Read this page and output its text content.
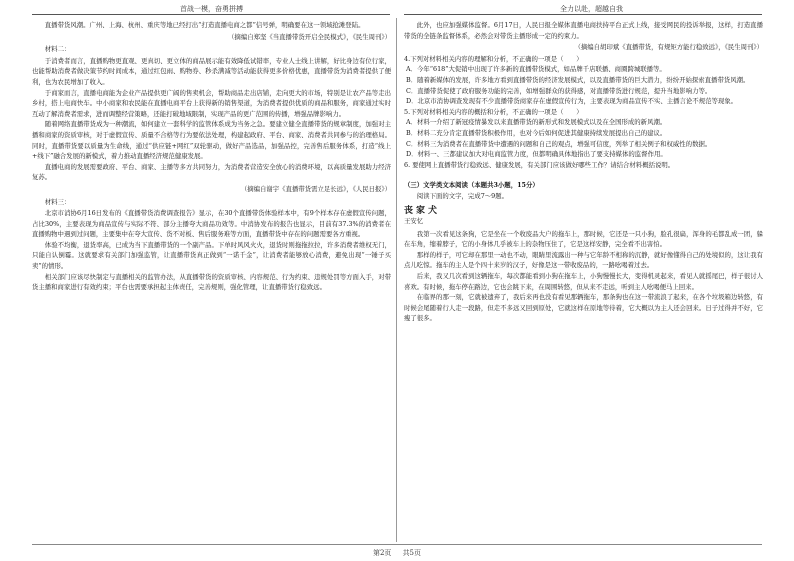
首战一模，奋勇拼搏	全力以赴，超越自我

直播带货风潮。广州、上海、杭州、重庆等地已经打出“打造直播电商之都”信号弹，明确要在这一领域抢滩登陆。

（摘编自郑坚《当直播带货开启全民模式》，《民生周刊》）

材料二：

于消费者而言，直播购物更直观、更真切、更立体的商品展示能有效降低试错率，专业人士线上讲解，好比身边有位行家，也能帮助消费者做决策节约时间成本，通过红包雨、购物券、秒杀满减等活动能获得更多价格优惠，直播带货为消费者提供了便利，也为农民增加了收入。

于商家而言，直播电商能为企业产品提供更广阔的售卖机会，帮助商品走出店铺，走向更大的市场，特别是让农产品等走出乡村，搭上电商快车。中小商家和农民能在直播电商平台上获得新的销售渠道，为消费者提供优质的商品和服务，商家通过实时互动了解消费者需求，进而调整经营策略，还能打破地域限制，实现产品的更广范围的传播，增强品牌影响力。

随着网络直播带货成为一种潮流，如何建立一套科学的监管体系成为当务之急。要建立健全直播带货的规章制度，加强对主播和商家的资质审核，对于虚假宣传、质量不合格等行为要依法处理，构建起政府、平台、商家、消费者共同参与的治理格局。同时，直播带货要以质量为生命线，通过“供应链+网红”双轮驱动，做好产品选品，加强品控，完善售后服务体系，打造“线上+线下”融合发展的新模式，着力推动直播经济规范健康发展。

直播电商的发展需要政府、平台、商家、主播等多方共同努力，为消费者营造安全放心的消费环境，以高质量发展助力经济复苏。

（摘编自谢宇《直播带货需立足长远》，《人民日报》）

材料三：

北京市消协6月16日发布的《直播带货消费调查报告》显示，在30个直播带货体验样本中，有9个样本存在虚假宣传问题，占比30%，主要表现为商品宣传与实际不符、部分主播夸大商品功效等。中消协发布的报告也显示，目前有37.3%的消费者在直播购物中遇到过问题，主要集中在夸大宣传、货不对板、售后服务难等方面，直播带货中存在的问题需要各方重视。

体验不均衡，退货率高，已成为当下直播带货的一个副产品。下单时风风火火，退货时则拖拖拉拉，许多消费者维权无门，只能自认倒霉。这就要求有关部门加强监管，让直播带货真正做到“一诺千金”，让消费者能够放心消费，避免出现“一锤子买卖”的情形。

相关部门应该尽快制定与直播相关的监管办法，从直播带货的资质审核、内容规范、行为约束、违规处罚等方面入手，对带货主播和商家进行有效约束；平台也需要承担起主体责任，完善规则，强化管理，让直播带货行稳致远。

此外，也应加强媒体监督。6月17日，人民日报全媒体直播电商扶持平台正式上线，接受网民的投诉举报，这样，打造直播带货的全链条监督体系，必然会对带货主播形成一定的约束力。

（摘编自胡印斌《直播带货，有规矩方能行稳致远》，《民生周刊》）

4.下列对材料相关内容的理解和分析，不正确的一项是（　　）

A．今年“618”大促销中出现了许多新的直播带货模式，如品牌千店联播、商圈跨城联播等。

B．随着新媒体的发展，许多地方看到直播带货的经济发展模式，以及直播带货的巨大潜力，纷纷开始探索直播带货风潮。

C．直播带货促使了政府服务功能的完善，如增强群众的获得感，对直播带货进行规范，提升当地影响力等。

D．北京市消协调查发现有不少直播带货商家存在虚假宣传行为，主要表现为商品宣传不实、主播言论不规范等现象。

5.下列对材料相关内容的概括和分析，不正确的一项是（　　）

A．材料一介绍了新冠疫情暴发以来直播带货的新形式和发展模式以及在全国形成的新风潮。

B．材料二充分肯定直播带货积极作用，也对今后如何促进其健康持续发展提出自己的建议。

C．材料三为消费者在直播带货中遭遇的问题和自己的观点，增强可信度，列举了相关例子和权威性的数据。

D．材料一、三都建议加大对电商监管力度，但都明确具体地指出了要支持媒体的监督作用。

6. 要使网上直播带货行稳致远、健康发展，有关部门应该做好哪些工作？请结合材料概括说明。

（三）文学类文本阅读（本题共3小题，15分）

阅读下面的文字，完成7～9题。

丧家犬

王安忆

我第一次看见这条狗，它是坐在一个收废品大户的拖车上，那时候，它还是一只小狗，脸孔很扁，浑身的毛都乱成一团，躲在车角，缩着脖子，它的小身体几乎被车上的杂物压住了，它是这样安静，完全看不出害怕。

那样的样子，可它却在那里一动也不动，眼睛里流露出一种与它年龄不相称的沉静，就好像懂得自己的处境似的，这让我有点儿吃惊。拖车的主人是个四十来岁的汉子，好像是这一带收废品的，一路吆喝着过去。

后来，我又几次看到这辆拖车，每次都能看到小狗在拖车上，小狗慢慢长大，变得机灵起来，看见人就摇尾巴，样子很讨人喜欢。有时候，拖车停在路边，它也会跳下来，在周围转悠，但从来不走远，听到主人吆喝便马上回来。

在临界的那一刻，它就被遗弃了，我后来再也没有看见那辆拖车，那条狗也在这一带流浪了起来，在各个垃圾箱边转悠，有时候会尾随着行人走一段路，但走不多远又回到原处，它就这样在原地等待着，它大概以为主人还会回来。日子过得并不好，它瘦了很多。

第2页 共5页
